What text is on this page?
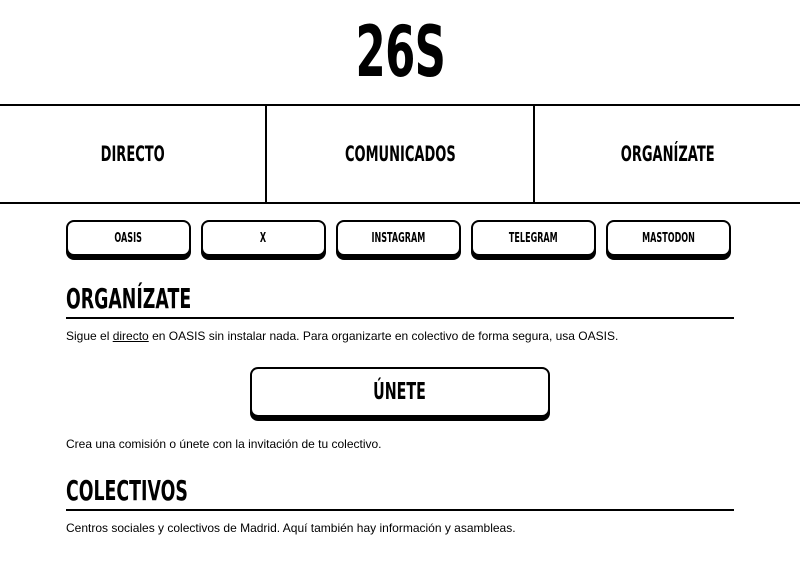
26S
DIRECTO	COMUNICADOS	ORGANÍZATE
OASIS	X	INSTAGRAM	TELEGRAM	MASTODON
ORGANÍZATE

Sigue el directo en OASIS sin instalar nada. Para organizarte en colectivo de forma segura, usa OASIS.

ÚNETE

Crea una comisión o únete con la invitación de tu colectivo.

COLECTIVOS

Centros sociales y colectivos de Madrid. Aquí también hay información y asambleas.
